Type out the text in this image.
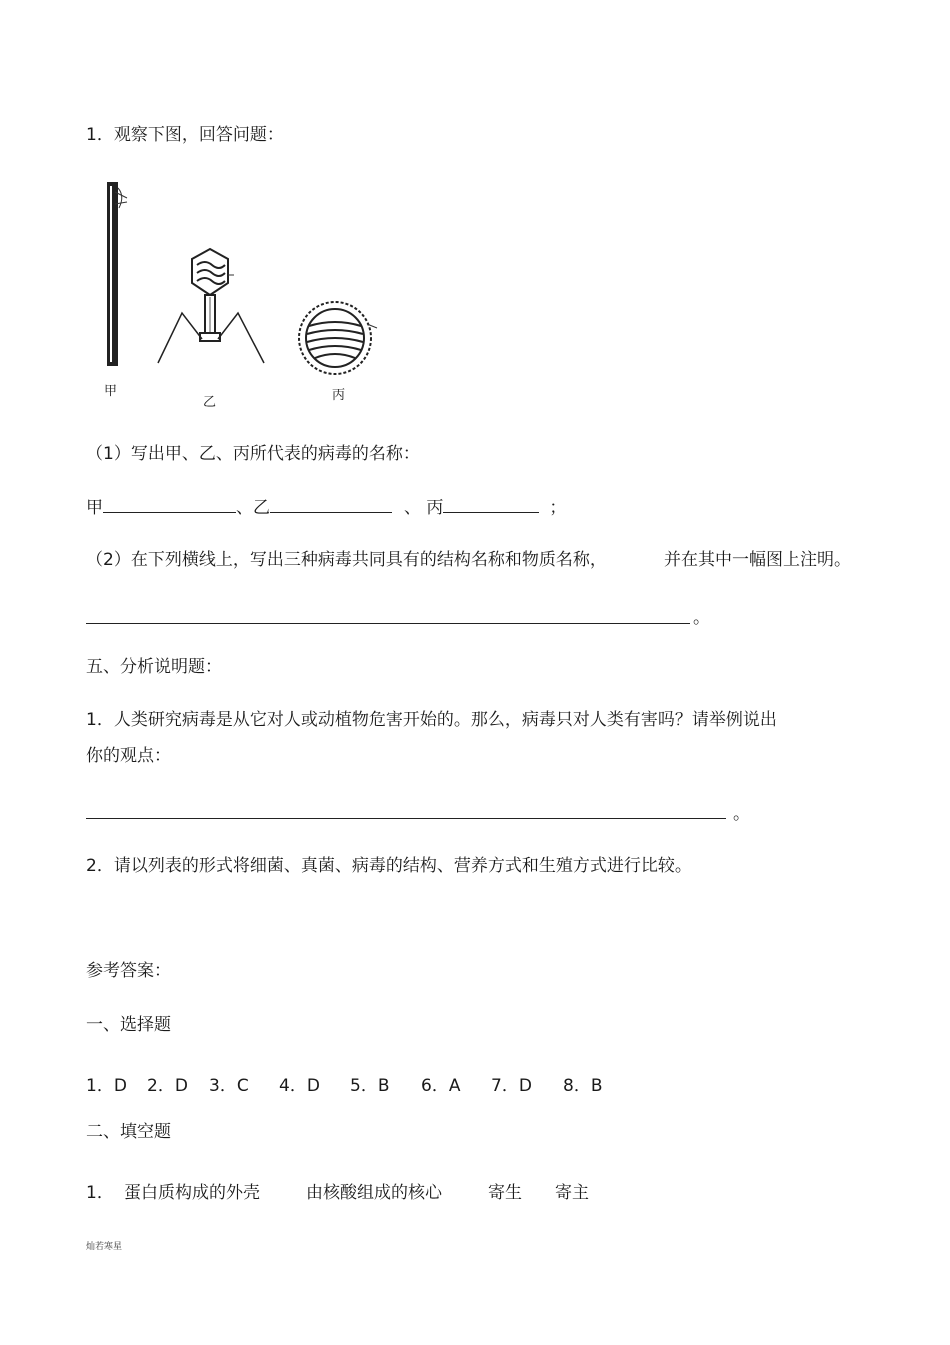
1．观察下图，回答问题：
甲
乙	丙
（1）写出甲、乙、丙所代表的病毒的名称：
甲	、乙	、 丙	；
（2）在下列横线上，写出三种病毒共同具有的结构名称和物质名称，	并在其中一幅图上注明。
。
五、分析说明题：
1．人类研究病毒是从它对人或动植物危害开始的。那么，病毒只对人类有害吗？请举例说出
你的观点：
。
2．请以列表的形式将细菌、真菌、病毒的结构、营养方式和生殖方式进行比较。
参考答案：
一、选择题
1．D 2．D 3．C 4．D 5．B 6．A 7．D 8．B
二、填空题
1． 蛋白质构成的外壳	由核酸组成的核心	寄生 寄主
灿若寒星
